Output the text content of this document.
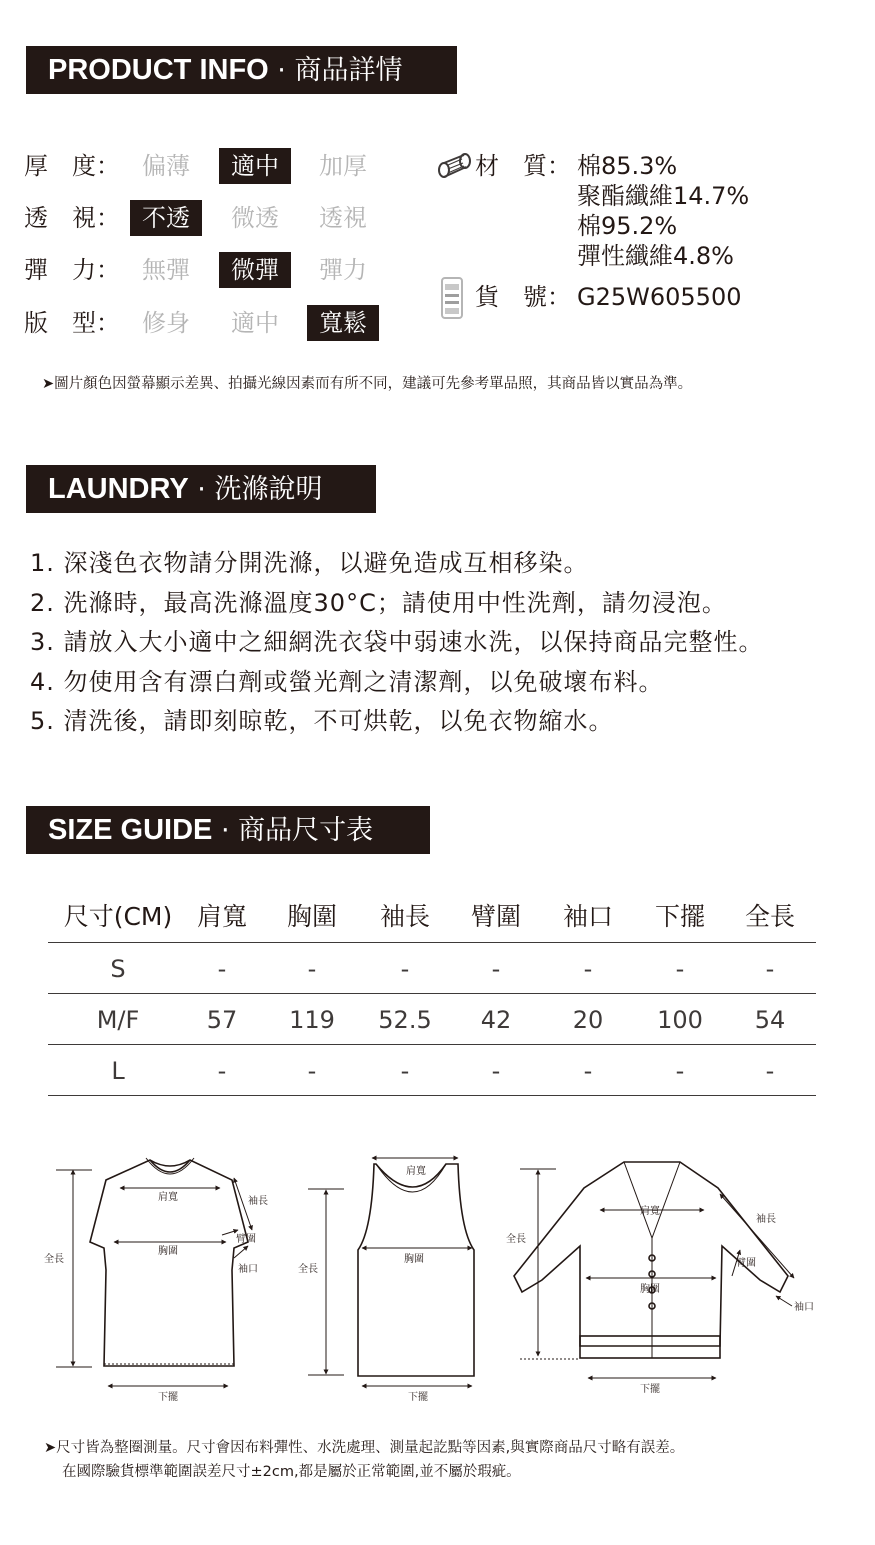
PRODUCT INFO · 商品詳情
厚　度： 偏薄	適中	加厚
透　視： 不透	微透	透視
彈　力： 無彈	微彈	彈力
版　型： 修身	適中	寬鬆
材　質： 棉85.3%
聚酯纖維14.7%
棉95.2%
彈性纖維4.8%
貨　號： G25W605500
➤圖片顏色因螢幕顯示差異、拍攝光線因素而有所不同，建議可先參考單品照，其商品皆以實品為準。
LAUNDRY · 洗滌說明
1. 深淺色衣物請分開洗滌，以避免造成互相移染。
2. 洗滌時，最高洗滌溫度30°C；請使用中性洗劑，請勿浸泡。
3. 請放入大小適中之細網洗衣袋中弱速水洗，以保持商品完整性。
4. 勿使用含有漂白劑或螢光劑之清潔劑，以免破壞布料。
5. 清洗後，請即刻晾乾，不可烘乾，以免衣物縮水。
SIZE GUIDE · 商品尺寸表
尺寸(CM) 肩寬	胸圍	袖長	臂圍	袖口	下擺	全長
S	-	-	-	-	-	-	-
M/F	57	119	52.5	42	20	100	54
L	-	-	-	-	-	-	-
肩寬
胸圍
袖長
臂圍
袖口
全長
下擺
肩寬
胸圍
全長
下擺
肩寬
袖長
臂圍
胸圍
袖口
全長
下擺
➤尺寸皆為整圈測量。尺寸會因布料彈性、水洗處理、測量起訖點等因素,與實際商品尺寸略有誤差。
在國際驗貨標準範圍誤差尺寸±2cm,都是屬於正常範圍,並不屬於瑕疵。
